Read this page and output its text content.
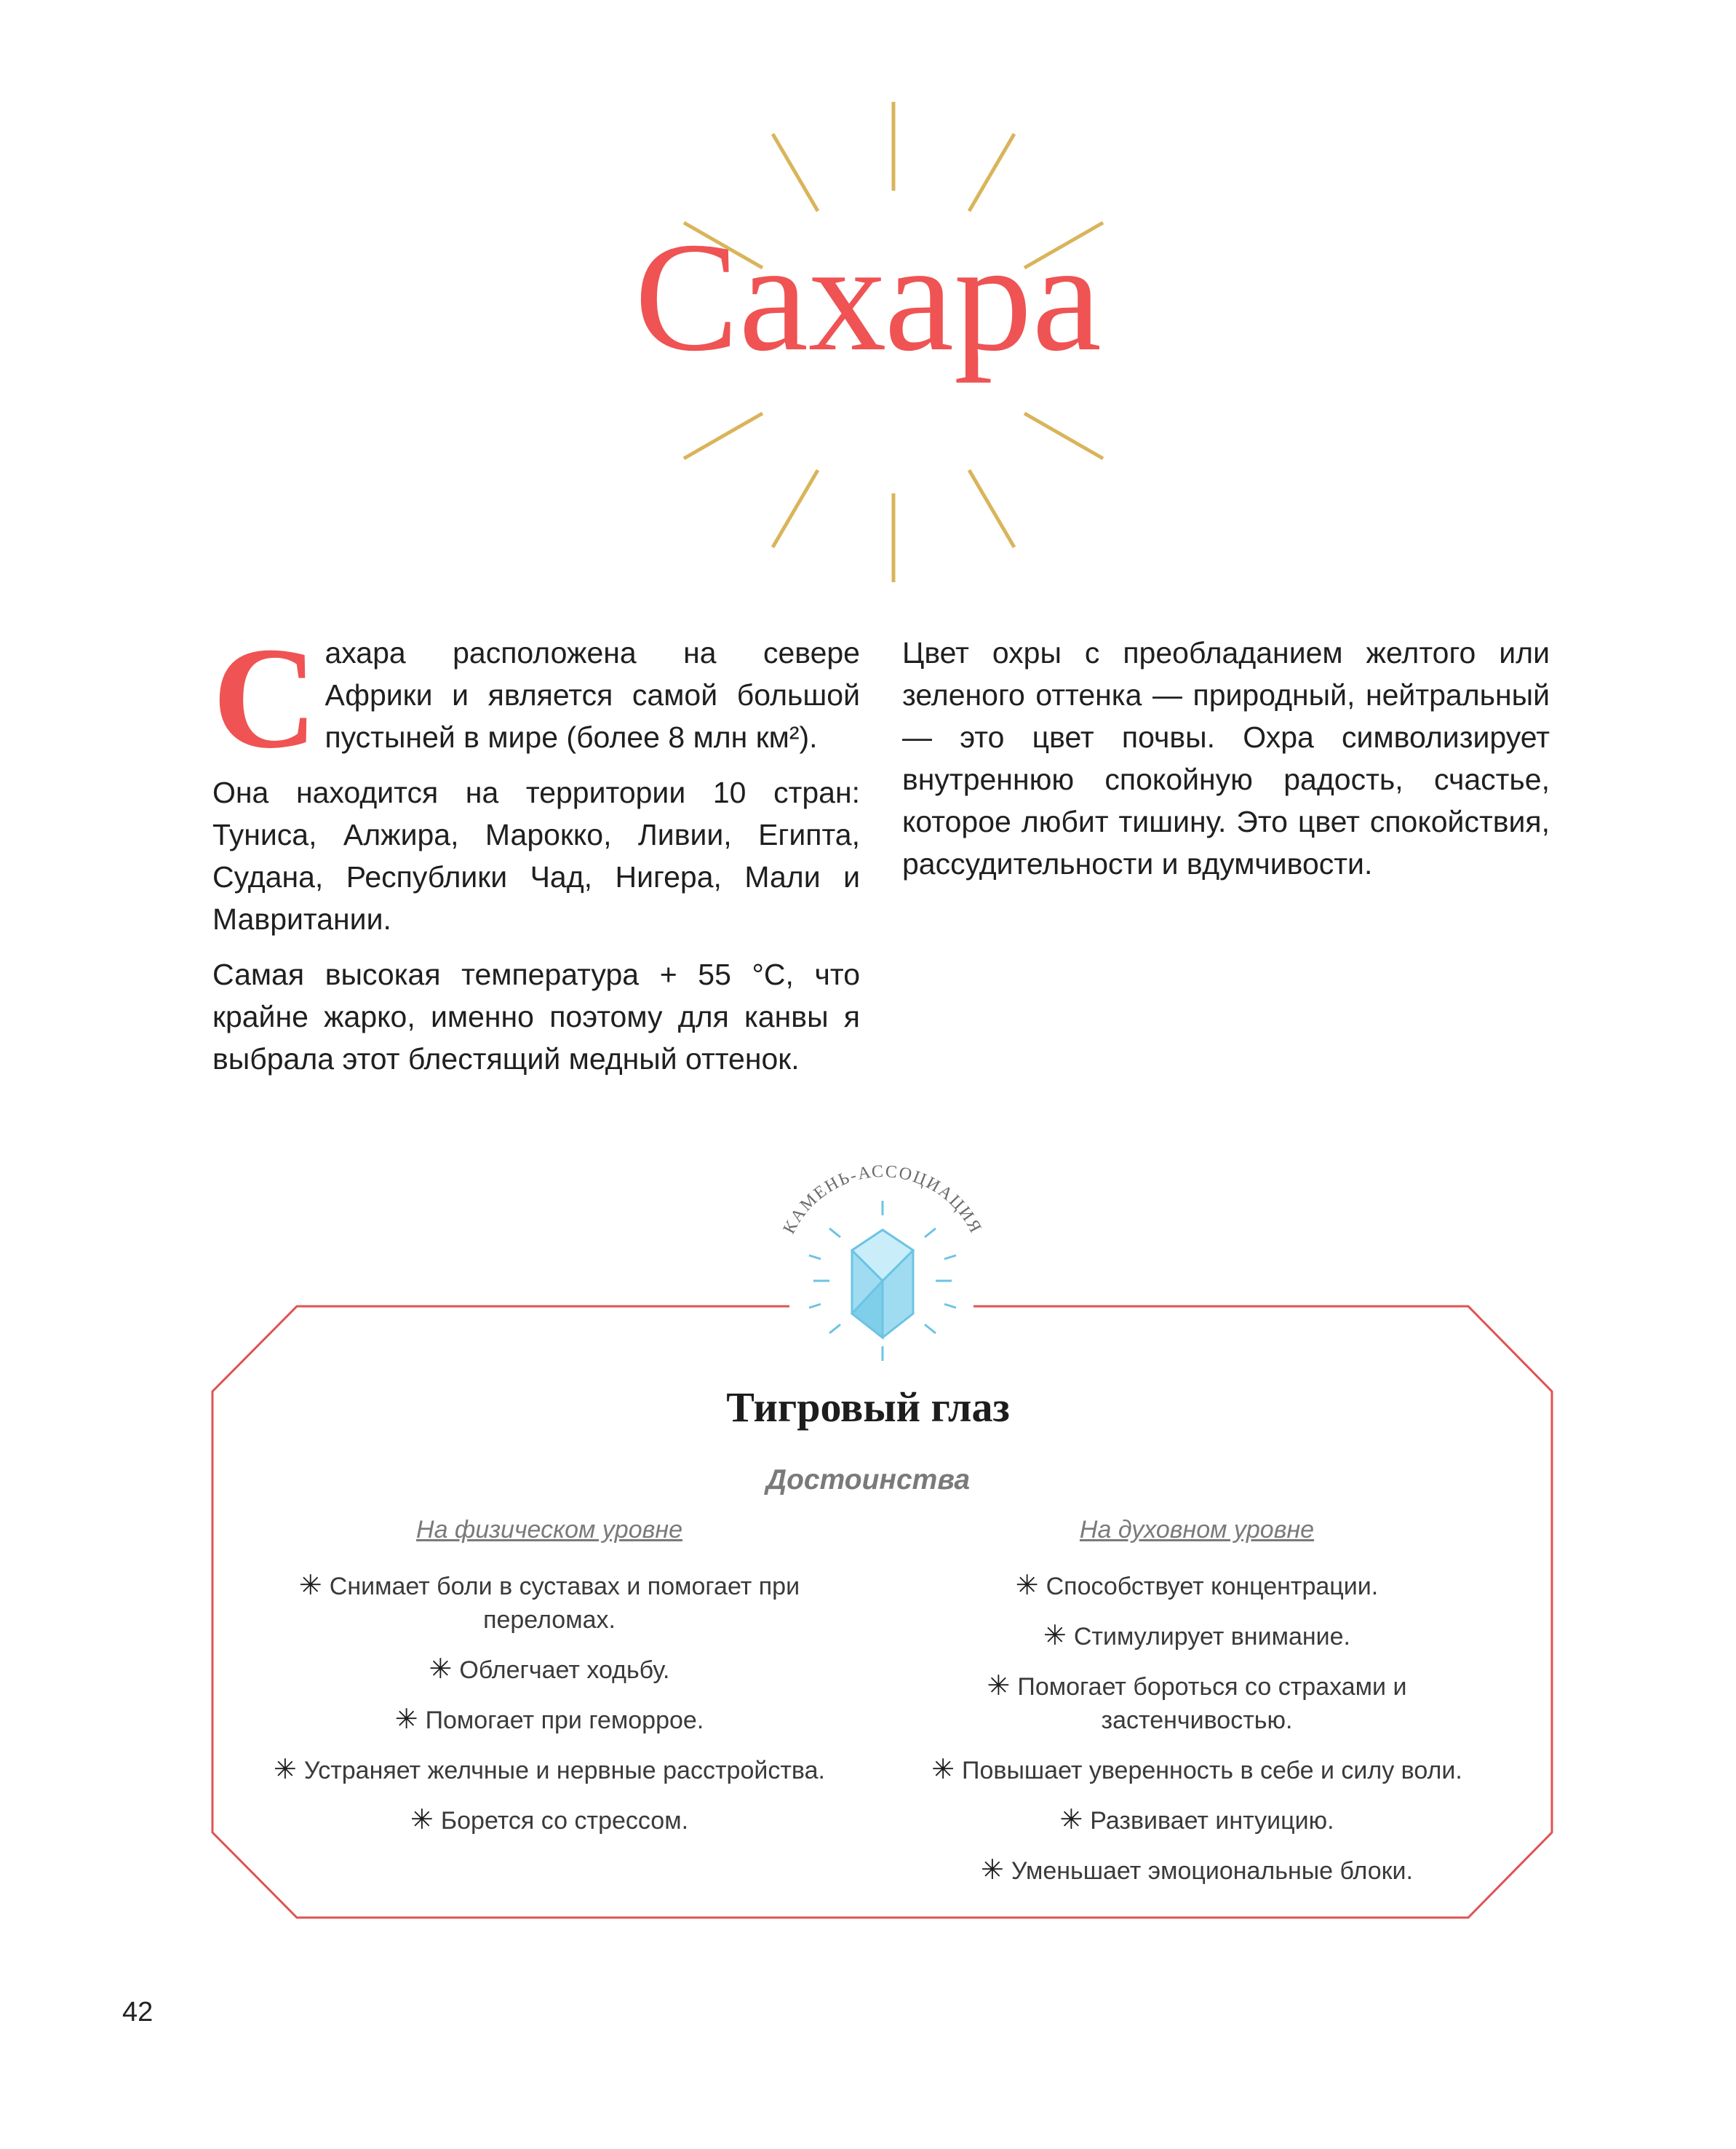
Сахара

С ахара расположена на севере Африки и является самой большой пустыней в мире (более 8 млн км²).

Она находится на территории 10 стран: Туниса, Алжира, Марокко, Ливии, Египта, Судана, Республики Чад, Нигера, Мали и Мавритании.

Самая высокая температура + 55 °С, что крайне жарко, именно поэтому для канвы я выбрала этот блестящий медный оттенок.

Цвет охры с преобладанием желтого или зеленого оттенка — природный, нейтральный — это цвет почвы. Охра символизирует внутреннюю спокойную радость, счастье, которое любит тишину. Это цвет спокойствия, рассудительности и вдумчивости.

КАМЕНЬ-АССОЦИАЦИЯ
Тигровый глаз
Достоинства
На физическом уровне
✳ Снимает боли в суставах и помогает при переломах.
✳ Облегчает ходьбу.
✳ Помогает при геморрое.
✳ Устраняет желчные и нервные расстройства.
✳ Борется со стрессом.
На духовном уровне
✳ Способствует концентрации.
✳ Стимулирует внимание.
✳ Помогает бороться со страхами и застенчивостью.
✳ Повышает уверенность в себе и силу воли.
✳ Развивает интуицию.
✳ Уменьшает эмоциональные блоки.
42
